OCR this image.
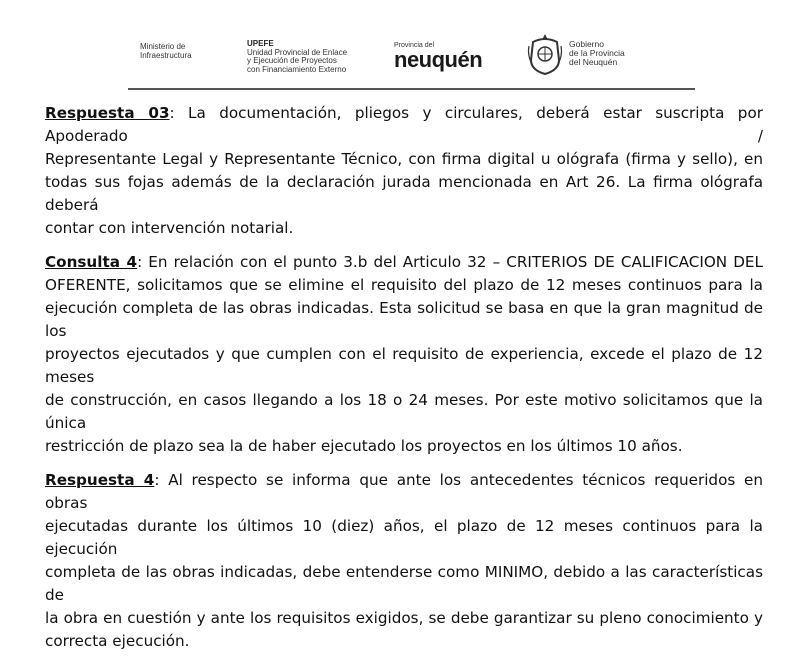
Ministerio de
Infraestructura
UPEFE
Unidad Provincial de Enlace
y Ejecución de Proyectos
con Financiamiento Externo
Provincia del
neuquén
Gobierno
de la Provincia
del Neuquén

Respuesta 03: La documentación, pliegos y circulares, deberá estar suscripta por Apoderado /
Representante Legal y Representante Técnico, con firma digital u ológrafa (firma y sello), en
todas sus fojas además de la declaración jurada mencionada en Art 26. La firma ológrafa deberá
contar con intervención notarial.

Consulta 4: En relación con el punto 3.b del Articulo 32 – CRITERIOS DE CALIFICACION DEL
OFERENTE, solicitamos que se elimine el requisito del plazo de 12 meses continuos para la
ejecución completa de las obras indicadas. Esta solicitud se basa en que la gran magnitud de los
proyectos ejecutados y que cumplen con el requisito de experiencia, excede el plazo de 12 meses
de construcción, en casos llegando a los 18 o 24 meses. Por este motivo solicitamos que la única
restricción de plazo sea la de haber ejecutado los proyectos en los últimos 10 años.

Respuesta 4: Al respecto se informa que ante los antecedentes técnicos requeridos en obras
ejecutadas durante los últimos 10 (diez) años, el plazo de 12 meses continuos para la ejecución
completa de las obras indicadas, debe entenderse como MINIMO, debido a las características de
la obra en cuestión y ante los requisitos exigidos, se debe garantizar su pleno conocimiento y
correcta ejecución.
